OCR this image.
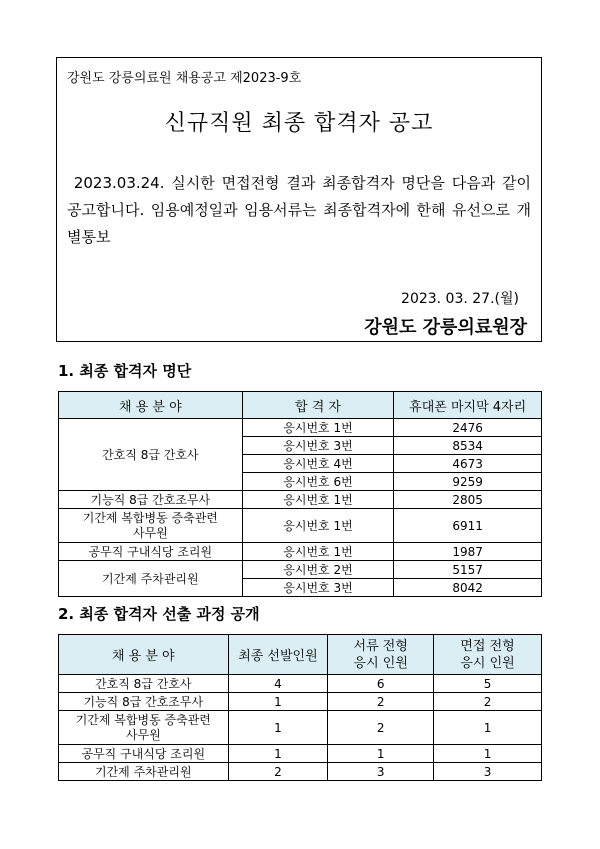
강원도 강릉의료원 채용공고 제2023-9호
신규직원 최종 합격자 공고
2023.03.24. 실시한 면접전형 결과 최종합격자 명단을 다음과 같이 공고합니다. 임용예정일과 임용서류는 최종합격자에 한해 유선으로 개별통보
2023. 03. 27.(월)
강원도 강릉의료원장
1. 최종 합격자 명단
채 용 분 야	합 격 자	휴대폰 마지막 4자리
간호직 8급 간호사	응시번호 1번	2476
	응시번호 3번	8534
	응시번호 4번	4673
	응시번호 6번	9259
기능직 8급 간호조무사	응시번호 1번	2805
기간제 복합병동 증축관련 사무원	응시번호 1번	6911
공무직 구내식당 조리원	응시번호 1번	1987
기간제 주차관리원	응시번호 2번	5157
	응시번호 3번	8042
2. 최종 합격자 선출 과정 공개
채 용 분 야	최종 선발인원	서류 전형 응시 인원	면접 전형 응시 인원
간호직 8급 간호사	4	6	5
기능직 8급 간호조무사	1	2	2
기간제 복합병동 증축관련 사무원	1	2	1
공무직 구내식당 조리원	1	1	1
기간제 주차관리원	2	3	3
